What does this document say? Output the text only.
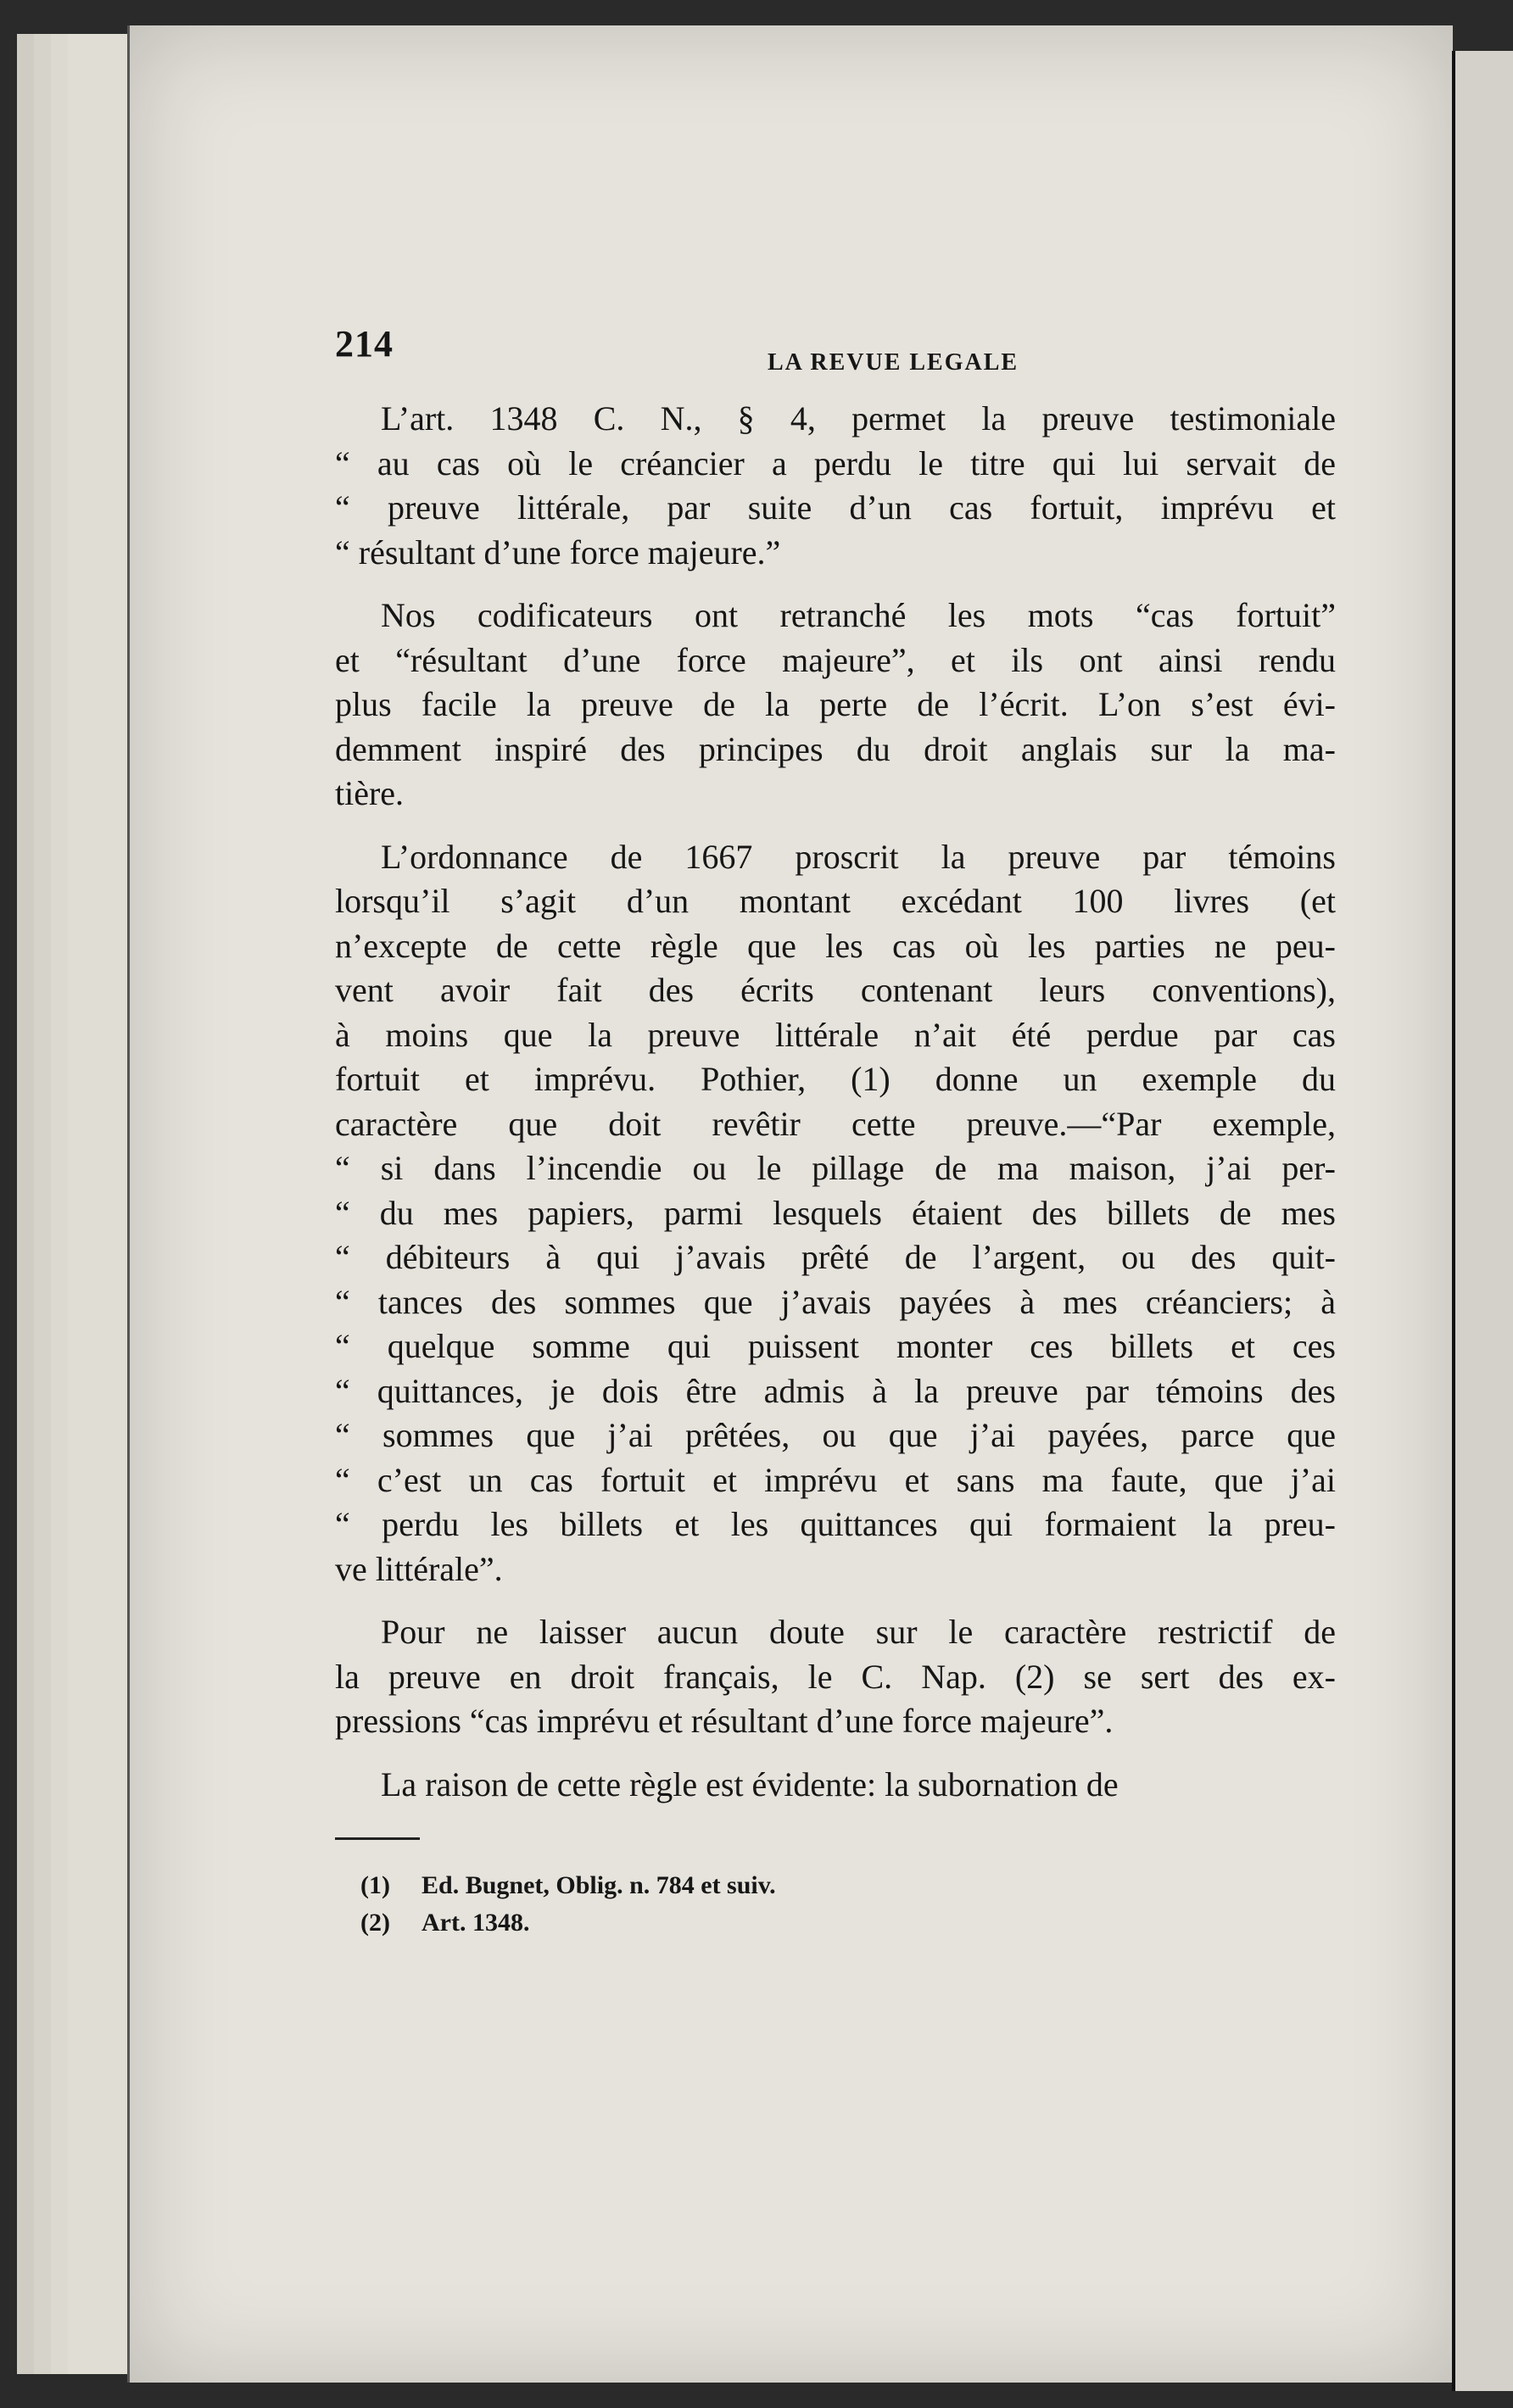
214	LA REVUE LEGALE

L’art. 1348 C. N., § 4, permet la preuve testimoniale
“ au cas où le créancier a perdu le titre qui lui servait de
“ preuve littérale, par suite d’un cas fortuit, imprévu et
“ résultant d’une force majeure.”

Nos codificateurs ont retranché les mots “cas fortuit”
et “résultant d’une force majeure”, et ils ont ainsi rendu
plus facile la preuve de la perte de l’écrit. L’on s’est évi-
demment inspiré des principes du droit anglais sur la ma-
tière.

L’ordonnance de 1667 proscrit la preuve par témoins
lorsqu’il s’agit d’un montant excédant 100 livres (et
n’excepte de cette règle que les cas où les parties ne peu-
vent avoir fait des écrits contenant leurs conventions),
à moins que la preuve littérale n’ait été perdue par cas
fortuit et imprévu. Pothier, (1) donne un exemple du
caractère que doit revêtir cette preuve.—“Par exemple,
“ si dans l’incendie ou le pillage de ma maison, j’ai per-
“ du mes papiers, parmi lesquels étaient des billets de mes
“ débiteurs à qui j’avais prêté de l’argent, ou des quit-
“ tances des sommes que j’avais payées à mes créanciers; à
“ quelque somme qui puissent monter ces billets et ces
“ quittances, je dois être admis à la preuve par témoins des
“ sommes que j’ai prêtées, ou que j’ai payées, parce que
“ c’est un cas fortuit et imprévu et sans ma faute, que j’ai
“ perdu les billets et les quittances qui formaient la preu-
ve littérale”.

Pour ne laisser aucun doute sur le caractère restrictif de
la preuve en droit français, le C. Nap. (2) se sert des ex-
pressions “cas imprévu et résultant d’une force majeure”.

La raison de cette règle est évidente: la subornation de

(1) Ed. Bugnet, Oblig. n. 784 et suiv.
(2) Art. 1348.
